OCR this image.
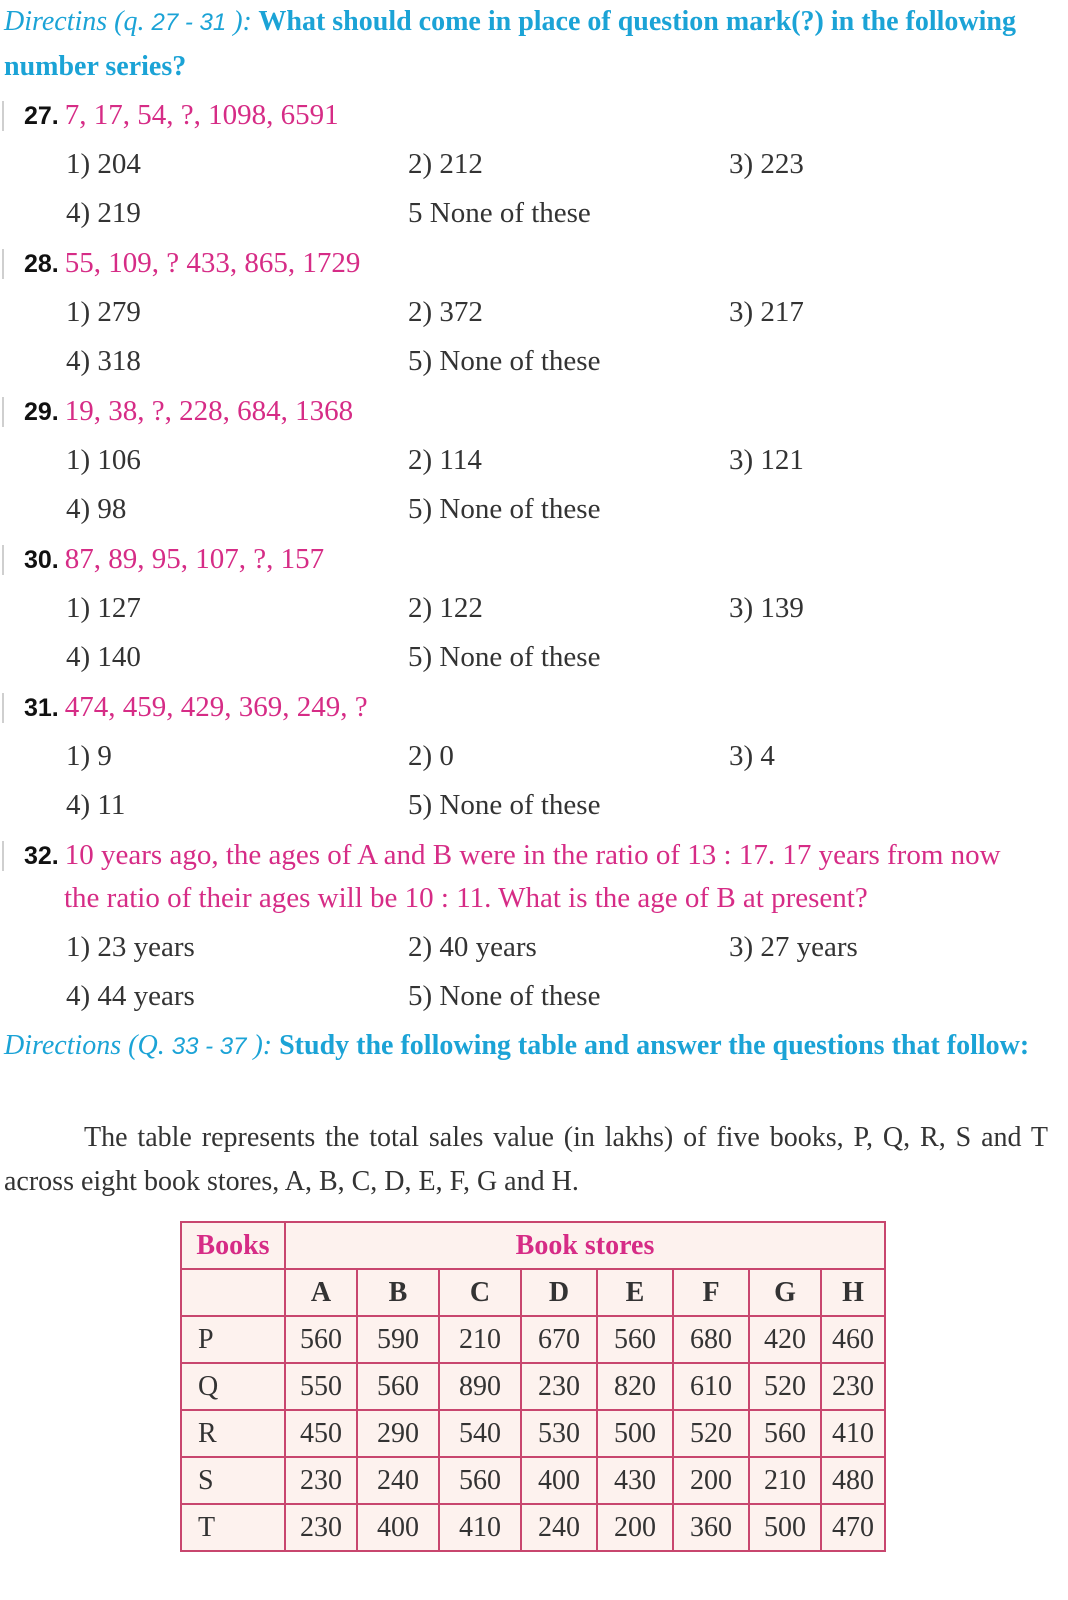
Directins (q. 27 - 31 ): What should come in place of question mark(?) in the following number series?
27. 7, 17, 54, ?, 1098, 6591
1) 204	2) 212	3) 223
4) 219	5 None of these
28. 55, 109, ? 433, 865, 1729
1) 279	2) 372	3) 217
4) 318	5) None of these
29. 19, 38, ?, 228, 684, 1368
1) 106	2) 114	3) 121
4) 98	5) None of these
30. 87, 89, 95, 107, ?, 157
1) 127	2) 122	3) 139
4) 140	5) None of these
31. 474, 459, 429, 369, 249, ?
1) 9	2) 0	3) 4
4) 11	5) None of these
32. 10 years ago, the ages of A and B were in the ratio of 13 : 17. 17 years from now
the ratio of their ages will be 10 : 11. What is the age of B at present?
1) 23 years	2) 40 years	3) 27 years
4) 44 years	5) None of these
Directions (Q. 33 - 37 ): Study the following table and answer the questions that follow:
The table represents the total sales value (in lakhs) of five books, P, Q, R, S and T across eight book stores, A, B, C, D, E, F, G and H.
Books	Book stores							
	A	B	C	D	E	F	G	H
P	560	590	210	670	560	680	420	460
Q	550	560	890	230	820	610	520	230
R	450	290	540	530	500	520	560	410
S	230	240	560	400	430	200	210	480
T	230	400	410	240	200	360	500	470
